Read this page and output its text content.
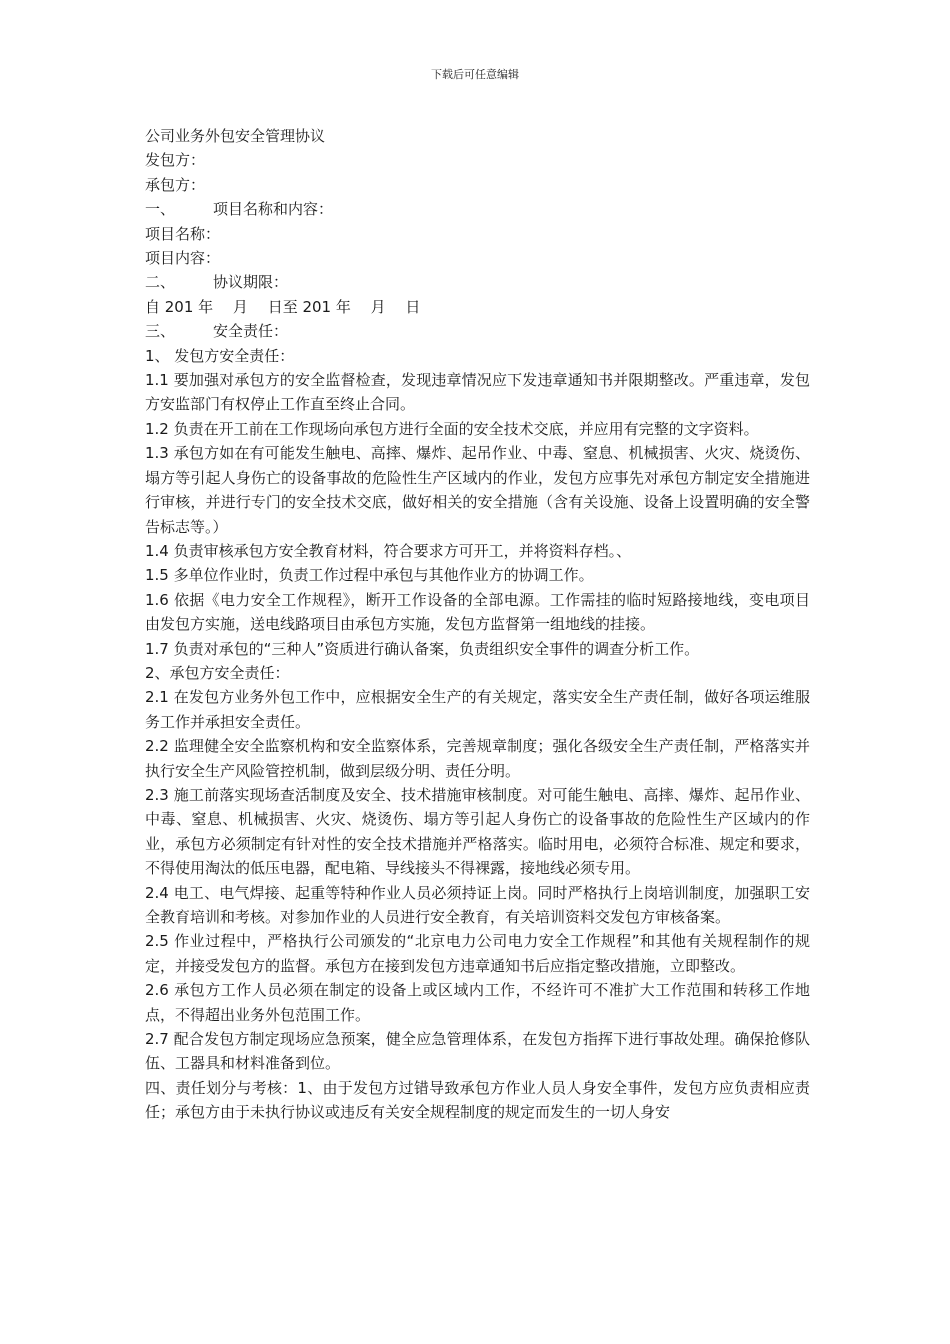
下载后可任意编辑

公司业务外包安全管理协议

发包方：

承包方：

一、	项目名称和内容：

项目名称：

项目内容：

二、	协议期限：

自 201 年　 月　 日至 201 年　 月　 日

三、	安全责任：

1、 发包方安全责任：

1.1 要加强对承包方的安全监督检查，发现违章情况应下发违章通知书并限期整改。严重违章，发包方安监部门有权停止工作直至终止合同。

1.2 负责在开工前在工作现场向承包方进行全面的安全技术交底，并应用有完整的文字资料。

1.3 承包方如在有可能发生触电、高摔、爆炸、起吊作业、中毒、窒息、机械损害、火灾、烧烫伤、塌方等引起人身伤亡的设备事故的危险性生产区域内的作业，发包方应事先对承包方制定安全措施进行审核，并进行专门的安全技术交底，做好相关的安全措施（含有关设施、设备上设置明确的安全警告标志等。）

1.4 负责审核承包方安全教育材料，符合要求方可开工，并将资料存档。、

1.5 多单位作业时，负责工作过程中承包与其他作业方的协调工作。

1.6 依据《电力安全工作规程》，断开工作设备的全部电源。工作需挂的临时短路接地线，变电项目由发包方实施，送电线路项目由承包方实施，发包方监督第一组地线的挂接。

1.7 负责对承包的“三种人”资质进行确认备案，负责组织安全事件的调查分析工作。

2、承包方安全责任：

2.1 在发包方业务外包工作中，应根据安全生产的有关规定，落实安全生产责任制，做好各项运维服务工作并承担安全责任。

2.2 监理健全安全监察机构和安全监察体系，完善规章制度；强化各级安全生产责任制，严格落实并执行安全生产风险管控机制，做到层级分明、责任分明。

2.3 施工前落实现场查活制度及安全、技术措施审核制度。对可能生触电、高摔、爆炸、起吊作业、中毒、窒息、机械损害、火灾、烧烫伤、塌方等引起人身伤亡的设备事故的危险性生产区域内的作业，承包方必须制定有针对性的安全技术措施并严格落实。临时用电，必须符合标准、规定和要求，不得使用淘汰的低压电器，配电箱、导线接头不得裸露，接地线必须专用。

2.4 电工、电气焊接、起重等特种作业人员必须持证上岗。同时严格执行上岗培训制度，加强职工安全教育培训和考核。对参加作业的人员进行安全教育，有关培训资料交发包方审核备案。

2.5 作业过程中，严格执行公司颁发的“北京电力公司电力安全工作规程”和其他有关规程制作的规定，并接受发包方的监督。承包方在接到发包方违章通知书后应指定整改措施，立即整改。

2.6 承包方工作人员必须在制定的设备上或区域内工作，不经许可不准扩大工作范围和转移工作地点，不得超出业务外包范围工作。

2.7 配合发包方制定现场应急预案，健全应急管理体系，在发包方指挥下进行事故处理。确保抢修队伍、工器具和材料准备到位。

四、责任划分与考核：1、由于发包方过错导致承包方作业人员人身安全事件，发包方应负责相应责任；承包方由于未执行协议或违反有关安全规程制度的规定而发生的一切人身安
